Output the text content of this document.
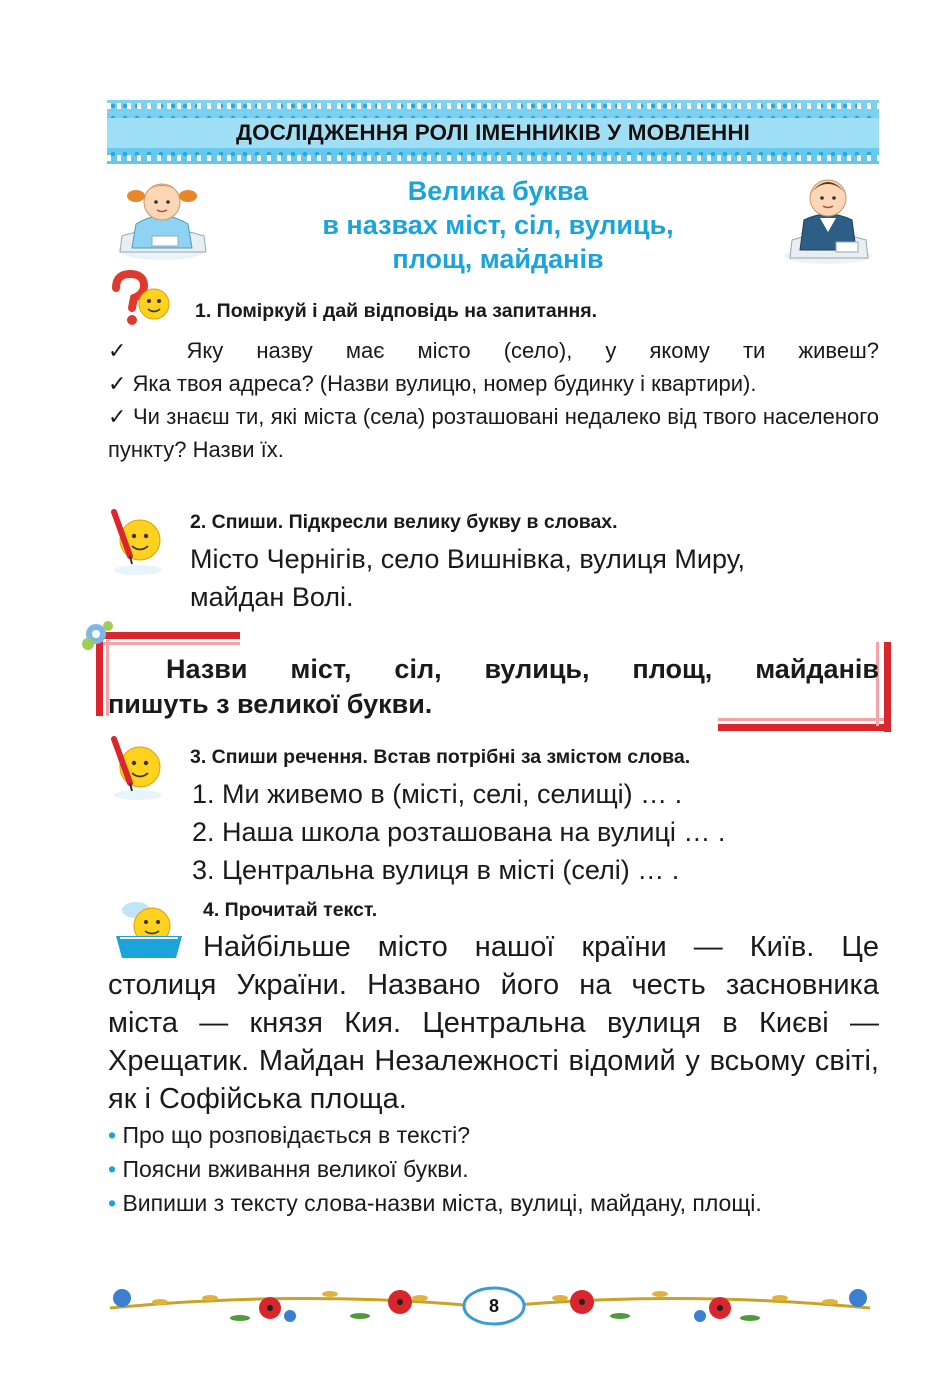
ДОСЛІДЖЕННЯ РОЛІ ІМЕННИКІВ У МОВЛЕННІ
Велика буква
в назвах міст, сіл, вулиць,
площ, майданів
1. Поміркуй і дай відповідь на запитання.
✓ Яку назву має місто (село), у якому ти живеш?
✓ Яка твоя адреса? (Назви вулицю, номер будинку і квартири).
✓ Чи знаєш ти, які міста (села) розташовані недалеко від твого населеного пункту? Назви їх.
2. Спиши. Підкресли велику букву в словах.
Місто Чернігів, село Вишнівка, вулиця Миру,
майдан Волі.
Назви міст, сіл, вулиць, площ, майданів
пишуть з великої букви.
3. Спиши речення. Встав потрібні за змістом слова.
1. Ми живемо в (місті, селі, селищі) … .
2. Наша школа розташована на вулиці … .
3. Центральна вулиця в місті (селі) … .
4. Прочитай текст.
Найбільше місто нашої країни — Київ. Це
столиця України. Названо його на честь засновника міста — князя Кия. Центральна вулиця в Києві — Хрещатик. Майдан Незалежності відомий у всьому світі, як і Софійська площа.
• Про що розповідається в тексті?
• Поясни вживання великої букви.
• Випиши з тексту слова-назви міста, вулиці, майдану, площі.
8
